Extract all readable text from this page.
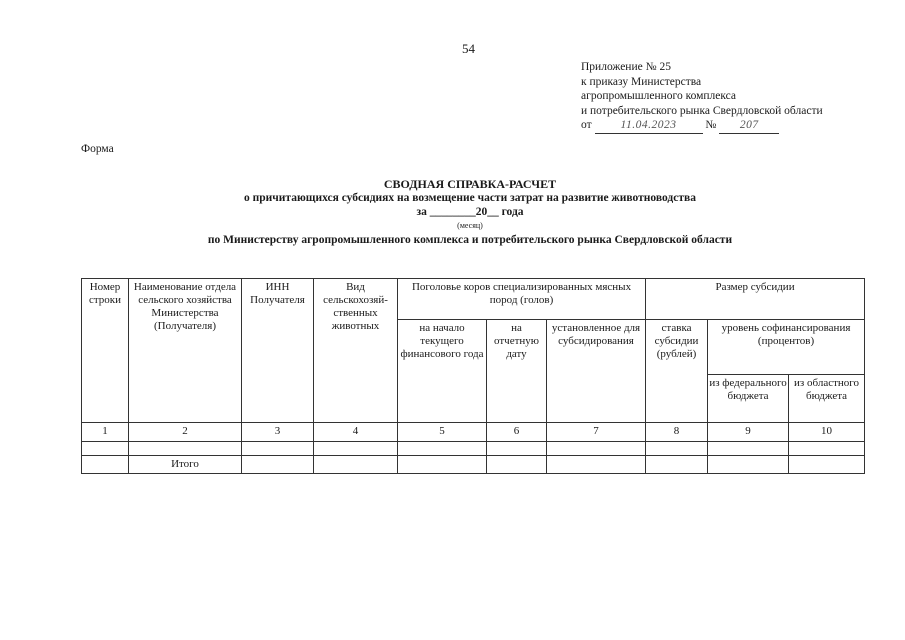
54
Приложение № 25
к приказу Министерства
агропромышленного комплекса
и потребительского рынка Свердловской области
от	11.04.2023	№ 207
Форма
СВОДНАЯ СПРАВКА-РАСЧЕТ
о причитающихся субсидиях на возмещение части затрат на развитие животноводства
за ________20__ года
(месяц)
по Министерству агропромышленного комплекса и потребительского рынка Свердловской области
Номер строки	Наименование отдела сельского хозяйства Министерства (Получателя)	ИНН Получателя	Вид сельскохозяй-ственных животных	Поголовье коров специализированных мясных пород (голов)			Размер субсидии		
				на начало текущего финансового года	на отчетную дату	установленное для субсидирования	ставка субсидии (рублей)	уровень софинансирования (процентов)	
								из федерального бюджета	из областного бюджета
1	2	3	4	5	6	7	8	9	10

	Итого								
